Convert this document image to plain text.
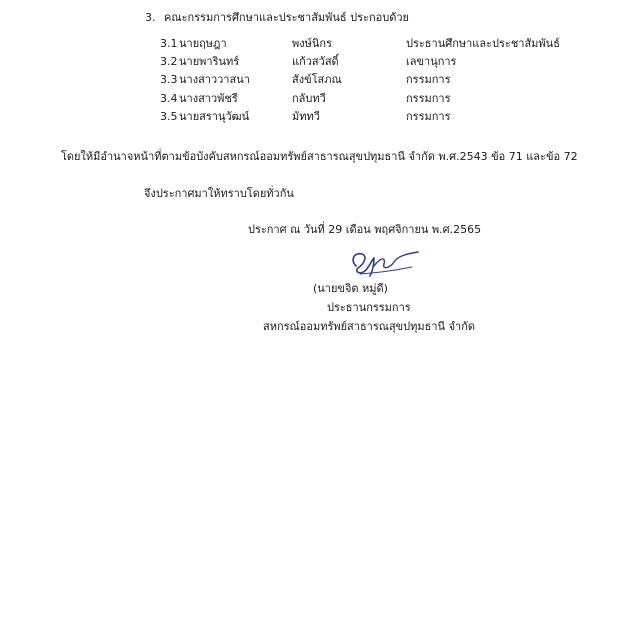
3. คณะกรรมการศึกษาและประชาสัมพันธ์ ประกอบด้วย
3.1 นายฤษฎา	พงษ์นิกร	ประธานศึกษาและประชาสัมพันธ์
3.2 นายพารินทร์	แก้วสวัสดิ์	เลขานุการ
3.3 นางสาววาสนา	สังข์โสภณ	กรรมการ
3.4 นางสาวพัชรี	กลับทวี	กรรมการ
3.5 นายสรานุวัฒน์	มัททวี	กรรมการ
โดยให้มีอำนาจหน้าที่ตามข้อบังคับสหกรณ์ออมทรัพย์สาธารณสุขปทุมธานี จำกัด พ.ศ.2543 ข้อ 71 และข้อ 72
จึงประกาศมาให้ทราบโดยทั่วกัน
ประกาศ ณ วันที่ 29 เดือน พฤศจิกายน พ.ศ.2565
(นายขจิต หมู่ดี)
ประธานกรรมการ
สหกรณ์ออมทรัพย์สาธารณสุขปทุมธานี จำกัด
